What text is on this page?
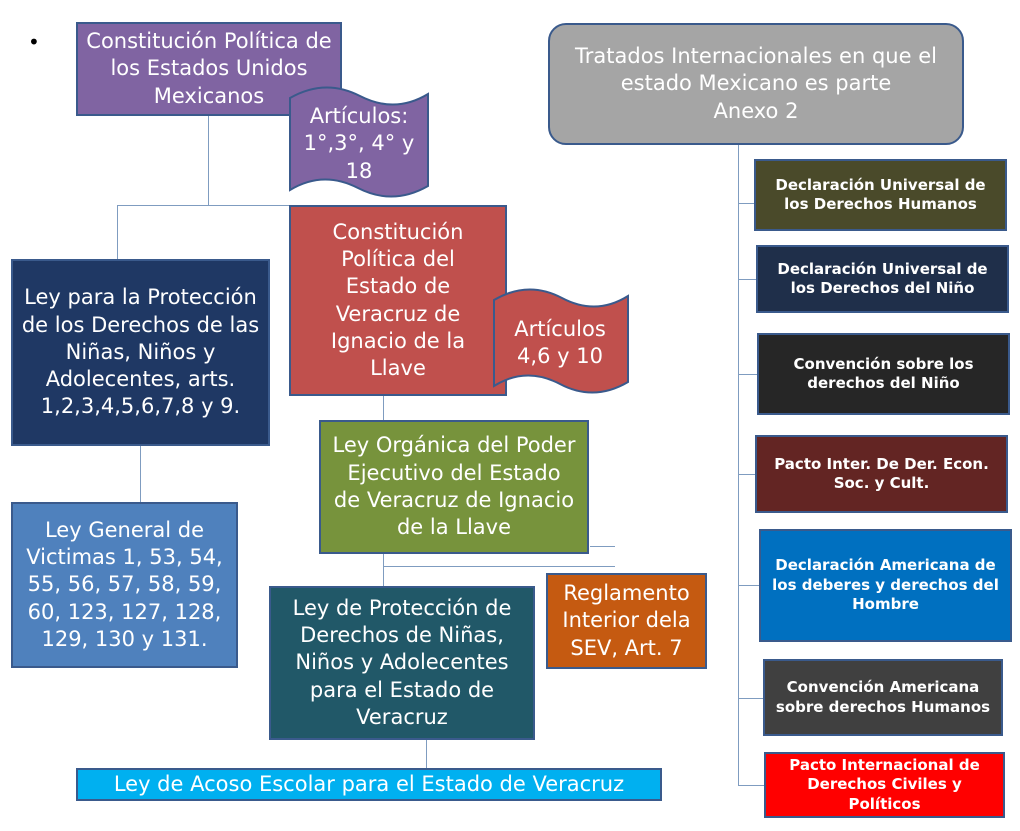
• Constitución Política de los Estados Unidos Mexicanos
Tratados Internacionales en que el estado Mexicano es parte
Anexo 2
Artículos: 1°,3°, 4° y 18
Constitución Política del Estado de Veracruz de Ignacio de la Llave
Artículos 4,6 y 10
Ley para la Protección de los Derechos de las Niñas, Niños y Adolecentes, arts. 1,2,3,4,5,6,7,8 y 9.
Ley General de Victimas 1, 53, 54, 55, 56, 57, 58, 59, 60, 123, 127, 128, 129, 130 y 131.
Ley Orgánica del Poder Ejecutivo del Estado de Veracruz de Ignacio de la Llave
Reglamento Interior dela SEV, Art. 7
Ley de Protección de Derechos de Niñas, Niños y Adolecentes para el Estado de Veracruz
Ley de Acoso Escolar para el Estado de Veracruz
Declaración Universal de los Derechos Humanos
Declaración Universal de los Derechos del Niño
Convención sobre los derechos del Niño
Pacto Inter. De Der. Econ. Soc. y Cult.
Declaración Americana de los deberes y derechos del Hombre
Convención Americana sobre derechos Humanos
Pacto Internacional de Derechos Civiles y Políticos
